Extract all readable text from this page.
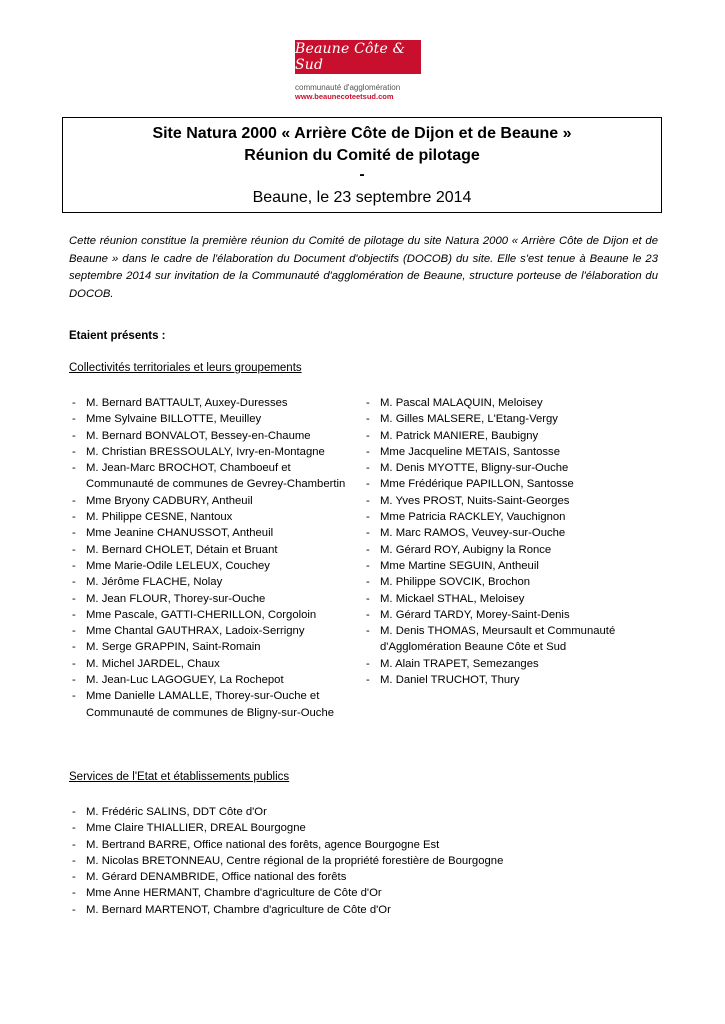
Beaune Côte & Sud
communauté d'agglomération
www.beaunecoteetsud.com
Site Natura 2000 « Arrière Côte de Dijon et de Beaune »
Réunion du Comité de pilotage
-
Beaune, le 23 septembre 2014
Cette réunion constitue la première réunion du Comité de pilotage du site Natura 2000 « Arrière Côte de Dijon et de Beaune » dans le cadre de l'élaboration du Document d'objectifs (DOCOB) du site. Elle s'est tenue à Beaune le 23 septembre 2014 sur invitation de la Communauté d'agglomération de Beaune, structure porteuse de l'élaboration du DOCOB.
Etaient présents :
Collectivités territoriales et leurs groupements
- M. Bernard BATTAULT, Auxey-Duresses
- Mme Sylvaine BILLOTTE, Meuilley
- M. Bernard BONVALOT, Bessey-en-Chaume
- M. Christian BRESSOULALY, Ivry-en-Montagne
- M. Jean-Marc BROCHOT, Chamboeuf et Communauté de communes de Gevrey-Chambertin
- Mme Bryony CADBURY, Antheuil
- M. Philippe CESNE, Nantoux
- Mme Jeanine CHANUSSOT, Antheuil
- M. Bernard CHOLET, Détain et Bruant
- Mme Marie-Odile LELEUX, Couchey
- M. Jérôme FLACHE, Nolay
- M. Jean FLOUR, Thorey-sur-Ouche
- Mme Pascale, GATTI-CHERILLON, Corgoloin
- Mme Chantal GAUTHRAX, Ladoix-Serrigny
- M. Serge GRAPPIN, Saint-Romain
- M. Michel JARDEL, Chaux
- M. Jean-Luc LAGOGUEY, La Rochepot
- Mme Danielle LAMALLE, Thorey-sur-Ouche et Communauté de communes de Bligny-sur-Ouche
- M. Pascal MALAQUIN, Meloisey
- M. Gilles MALSERE, L'Etang-Vergy
- M. Patrick MANIERE, Baubigny
- Mme Jacqueline METAIS, Santosse
- M. Denis MYOTTE, Bligny-sur-Ouche
- Mme Frédérique PAPILLON, Santosse
- M. Yves PROST, Nuits-Saint-Georges
- Mme Patricia RACKLEY, Vauchignon
- M. Marc RAMOS, Veuvey-sur-Ouche
- M. Gérard ROY, Aubigny la Ronce
- Mme Martine SEGUIN, Antheuil
- M. Philippe SOVCIK, Brochon
- M. Mickael STHAL, Meloisey
- M. Gérard TARDY, Morey-Saint-Denis
- M. Denis THOMAS, Meursault et Communauté d'Agglomération Beaune Côte et Sud
- M. Alain TRAPET, Semezanges
- M. Daniel TRUCHOT, Thury
Services de l'Etat et établissements publics
- M. Frédéric SALINS, DDT Côte d'Or
- Mme Claire THIALLIER, DREAL Bourgogne
- M. Bertrand BARRE, Office national des forêts, agence Bourgogne Est
- M. Nicolas BRETONNEAU, Centre régional de la propriété forestière de Bourgogne
- M. Gérard DENAMBRIDE, Office national des forêts
- Mme Anne HERMANT, Chambre d'agriculture de Côte d'Or
- M. Bernard MARTENOT, Chambre d'agriculture de Côte d'Or
